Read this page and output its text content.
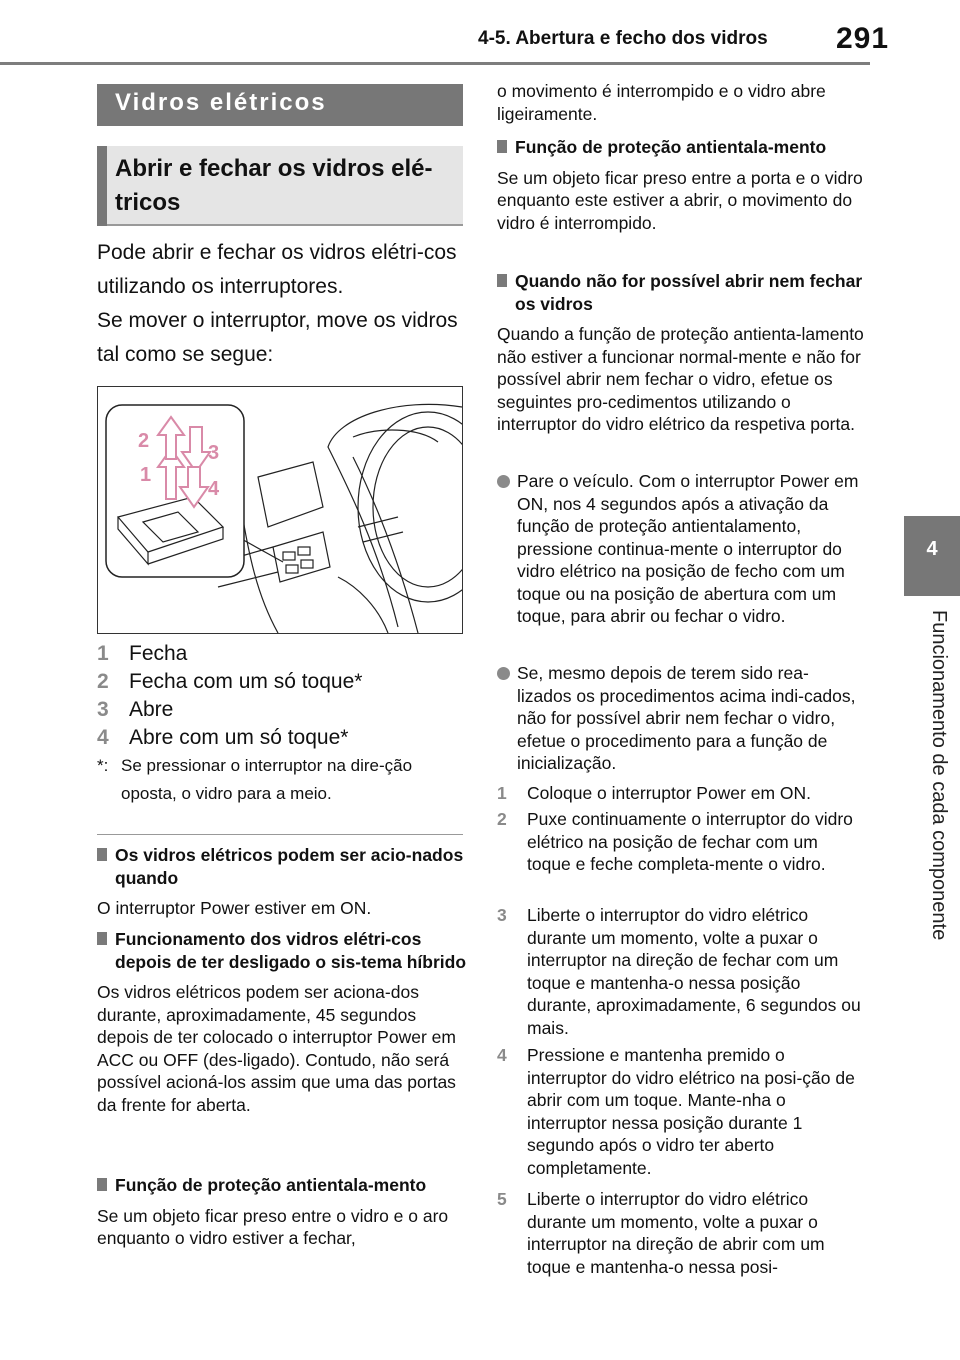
4-5. Abertura e fecho dos vidros 291
4
Funcionamento de cada componente
Vidros elétricos
Abrir e fechar os vidros elé-tricos
Pode abrir e fechar os vidros elétri-cos utilizando os interruptores.
Se mover o interruptor, move os vidros tal como se segue:
1
2
3
4
1 Fecha
2 Fecha com um só toque*
3 Abre
4 Abre com um só toque*
*: Se pressionar o interruptor na dire-ção oposta, o vidro para a meio.
Os vidros elétricos podem ser acio-nados quando
O interruptor Power estiver em ON.
Funcionamento dos vidros elétri-cos depois de ter desligado o sis-tema híbrido
Os vidros elétricos podem ser aciona-dos durante, aproximadamente, 45 segundos depois de ter colocado o interruptor Power em ACC ou OFF (des-ligado). Contudo, não será possível acioná-los assim que uma das portas da frente for aberta.
Função de proteção antientala-mento
Se um objeto ficar preso entre o vidro e o aro enquanto o vidro estiver a fechar,
o movimento é interrompido e o vidro abre ligeiramente.
Função de proteção antientala-mento
Se um objeto ficar preso entre a porta e o vidro enquanto este estiver a abrir, o movimento do vidro é interrompido.
Quando não for possível abrir nem fechar os vidros
Quando a função de proteção antienta-lamento não estiver a funcionar normal-mente e não for possível abrir nem fechar o vidro, efetue os seguintes pro-cedimentos utilizando o interruptor do vidro elétrico da respetiva porta.
Pare o veículo. Com o interruptor Power em ON, nos 4 segundos após a ativação da função de proteção antientalamento, pressione continua-mente o interruptor do vidro elétrico na posição de fecho com um toque ou na posição de abertura com um toque, para abrir ou fechar o vidro.
Se, mesmo depois de terem sido rea-lizados os procedimentos acima indi-cados, não for possível abrir nem fechar o vidro, efetue o procedimento para a função de inicialização.
1 Coloque o interruptor Power em ON.
2 Puxe continuamente o interruptor do vidro elétrico na posição de fechar com um toque e feche completa-mente o vidro.
3 Liberte o interruptor do vidro elétrico durante um momento, volte a puxar o interruptor na direção de fechar com um toque e mantenha-o nessa posição durante, aproximadamente, 6 segundos ou mais.
4 Pressione e mantenha premido o interruptor do vidro elétrico na posi-ção de abrir com um toque. Mante-nha o interruptor nessa posição durante 1 segundo após o vidro ter aberto completamente.
5 Liberte o interruptor do vidro elétrico durante um momento, volte a puxar o interruptor na direção de abrir com um toque e mantenha-o nessa posi-
